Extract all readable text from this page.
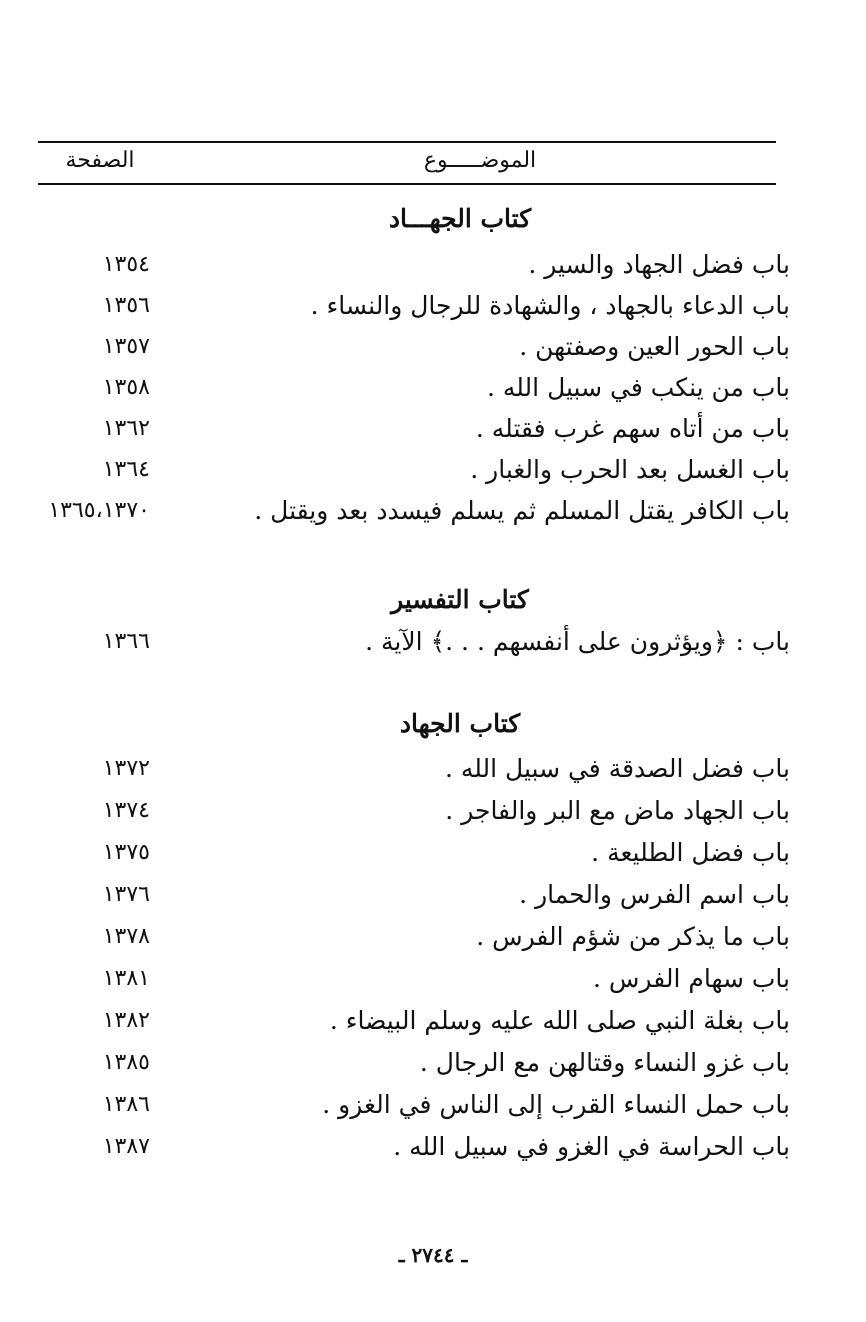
الصفحة	الموضـــــوع
كتاب الجهـــاد
باب فضل الجهاد والسير .
١٣٥٤
باب الدعاء بالجهاد ، والشهادة للرجال والنساء .
١٣٥٦
باب الحور العين وصفتهن .
١٣٥٧
باب من ينكب في سبيل الله .
١٣٥٨
باب من أتاه سهم غرب فقتله .
١٣٦٢
باب الغسل بعد الحرب والغبار .
١٣٦٤
باب الكافر يقتل المسلم ثم يسلم فيسدد بعد ويقتل .
١٣٦٥،١٣٧٠
كتاب التفسير
باب : ﴿ويؤثرون على أنفسهم . . .﴾ الآية .
١٣٦٦
كتاب الجهاد
باب فضل الصدقة في سبيل الله .
١٣٧٢
باب الجهاد ماض مع البر والفاجر .
١٣٧٤
باب فضل الطليعة .
١٣٧٥
باب اسم الفرس والحمار .
١٣٧٦
باب ما يذكر من شؤم الفرس .
١٣٧٨
باب سهام الفرس .
١٣٨١
باب بغلة النبي صلى الله عليه وسلم البيضاء .
١٣٨٢
باب غزو النساء وقتالهن مع الرجال .
١٣٨٥
باب حمل النساء القرب إلى الناس في الغزو .
١٣٨٦
باب الحراسة في الغزو في سبيل الله .
١٣٨٧
ـ ٢٧٤٤ ـ
